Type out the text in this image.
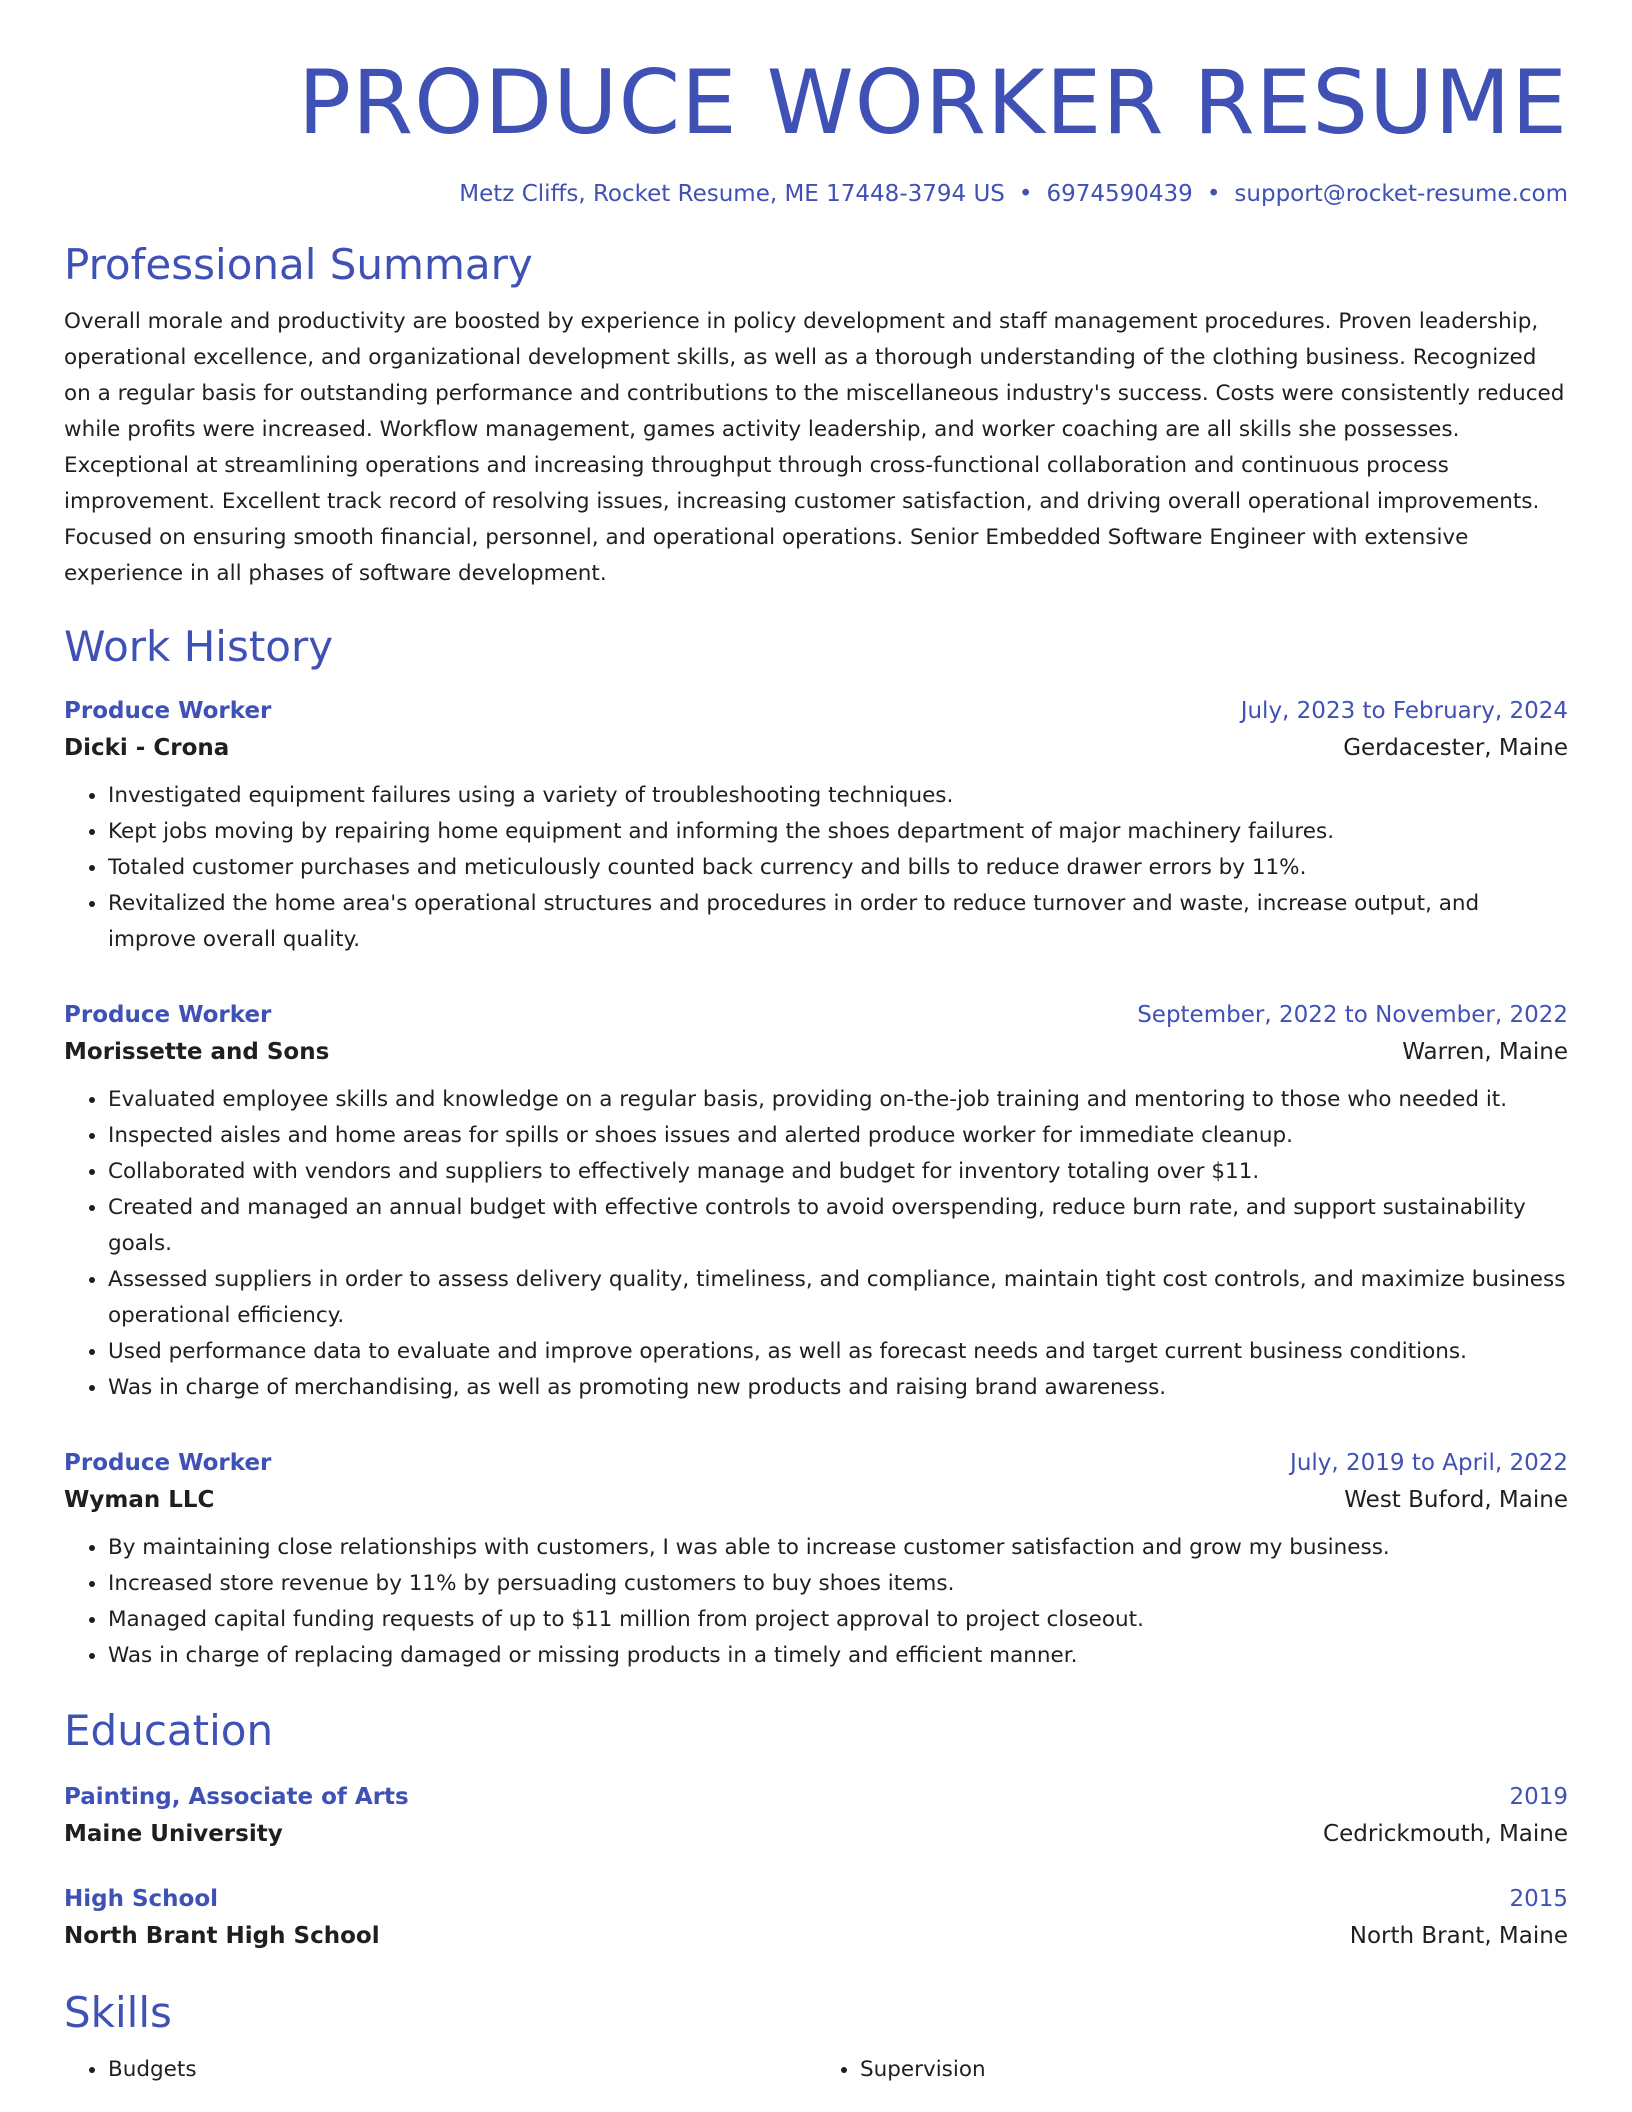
PRODUCE WORKER RESUME
Metz Cliffs, Rocket Resume, ME 17448-3794 US • 6974590439 • support@rocket-resume.com
Professional Summary
Overall morale and productivity are boosted by experience in policy development and staff management procedures. Proven leadership, operational excellence, and organizational development skills, as well as a thorough understanding of the clothing business. Recognized on a regular basis for outstanding performance and contributions to the miscellaneous industry's success. Costs were consistently reduced while profits were increased. Workflow management, games activity leadership, and worker coaching are all skills she possesses. Exceptional at streamlining operations and increasing throughput through cross-functional collaboration and continuous process improvement. Excellent track record of resolving issues, increasing customer satisfaction, and driving overall operational improvements. Focused on ensuring smooth financial, personnel, and operational operations. Senior Embedded Software Engineer with extensive experience in all phases of software development.
Work History
Produce Worker	July, 2023 to February, 2024
Dicki - Crona	Gerdacester, Maine
• Investigated equipment failures using a variety of troubleshooting techniques.
• Kept jobs moving by repairing home equipment and informing the shoes department of major machinery failures.
• Totaled customer purchases and meticulously counted back currency and bills to reduce drawer errors by 11%.
• Revitalized the home area's operational structures and procedures in order to reduce turnover and waste, increase output, and improve overall quality.
Produce Worker	September, 2022 to November, 2022
Morissette and Sons	Warren, Maine
• Evaluated employee skills and knowledge on a regular basis, providing on-the-job training and mentoring to those who needed it.
• Inspected aisles and home areas for spills or shoes issues and alerted produce worker for immediate cleanup.
• Collaborated with vendors and suppliers to effectively manage and budget for inventory totaling over $11.
• Created and managed an annual budget with effective controls to avoid overspending, reduce burn rate, and support sustainability goals.
• Assessed suppliers in order to assess delivery quality, timeliness, and compliance, maintain tight cost controls, and maximize business operational efficiency.
• Used performance data to evaluate and improve operations, as well as forecast needs and target current business conditions.
• Was in charge of merchandising, as well as promoting new products and raising brand awareness.
Produce Worker	July, 2019 to April, 2022
Wyman LLC	West Buford, Maine
• By maintaining close relationships with customers, I was able to increase customer satisfaction and grow my business.
• Increased store revenue by 11% by persuading customers to buy shoes items.
• Managed capital funding requests of up to $11 million from project approval to project closeout.
• Was in charge of replacing damaged or missing products in a timely and efficient manner.
Education
Painting, Associate of Arts	2019
Maine University	Cedrickmouth, Maine
High School	2015
North Brant High School	North Brant, Maine
Skills
• Budgets
•	Supervision
